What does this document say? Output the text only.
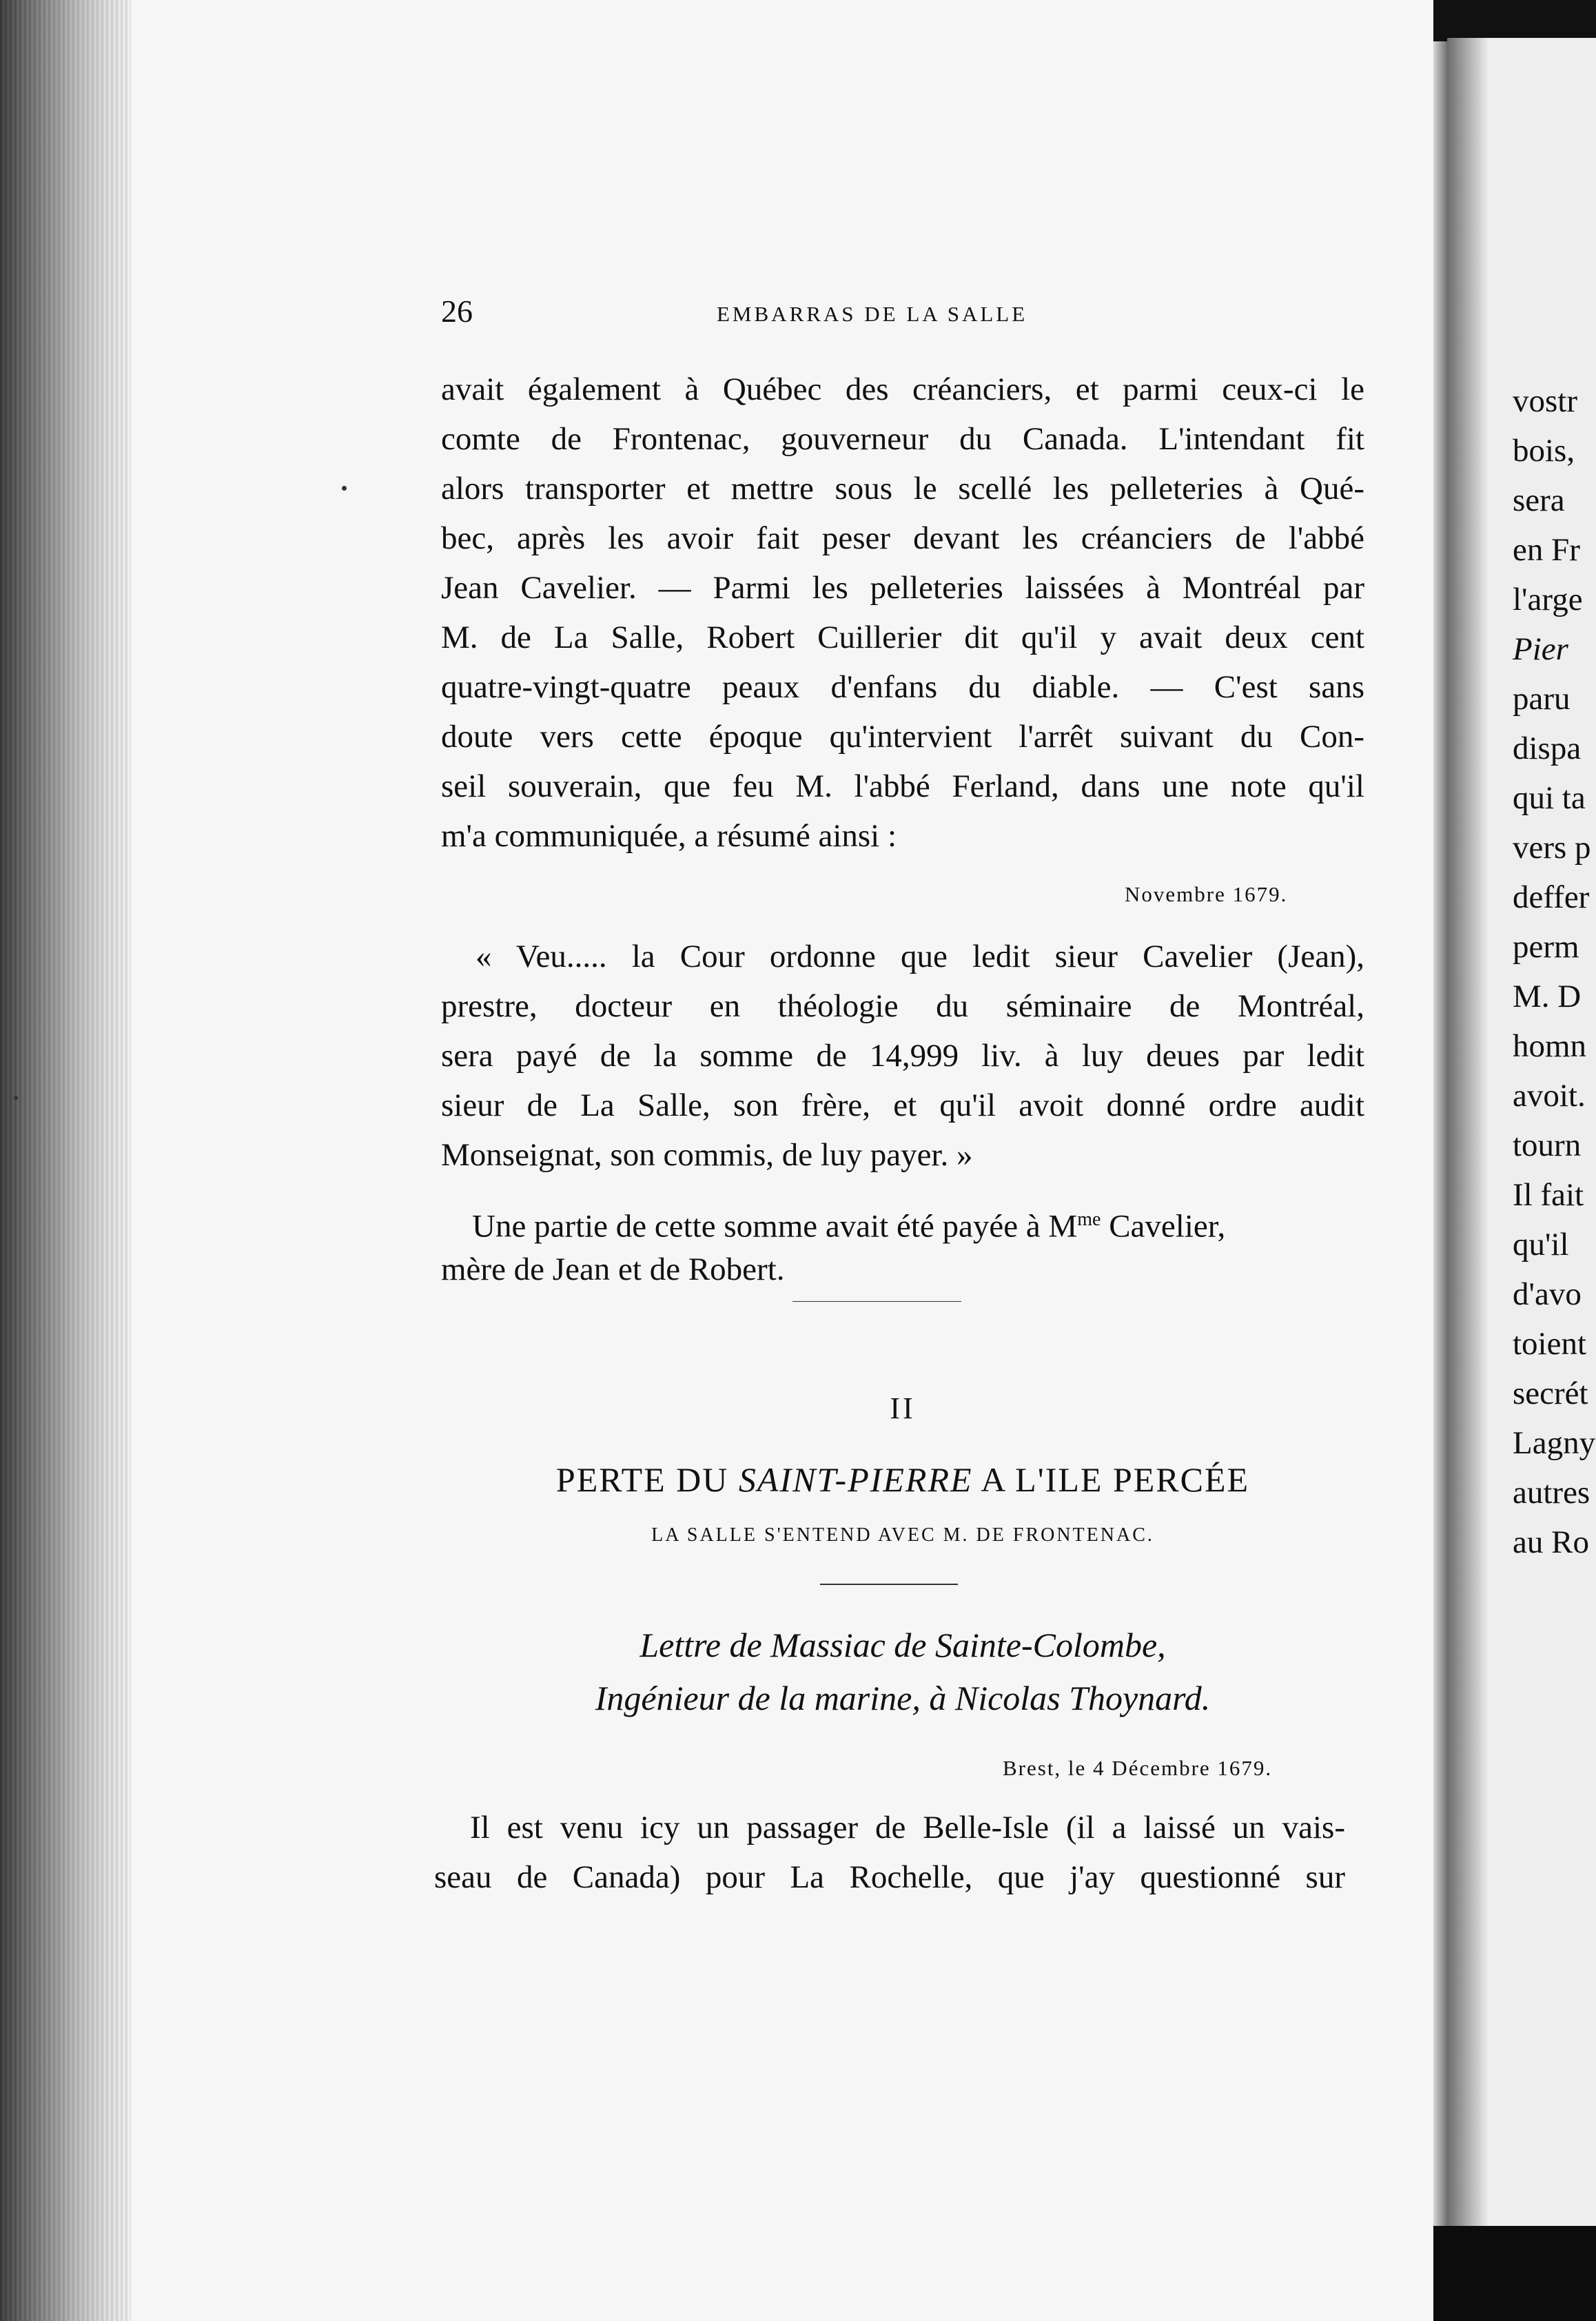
26	EMBARRAS DE LA SALLE
avait également à Québec des créanciers, et parmi ceux-ci le
comte de Frontenac, gouverneur du Canada. L'intendant fit
alors transporter et mettre sous le scellé les pelleteries à Qué-
bec, après les avoir fait peser devant les créanciers de l'abbé
Jean Cavelier. — Parmi les pelleteries laissées à Montréal par
M. de La Salle, Robert Cuillerier dit qu'il y avait deux cent
quatre-vingt-quatre peaux d'enfans du diable. — C'est sans
doute vers cette époque qu'intervient l'arrêt suivant du Con-
seil souverain, que feu M. l'abbé Ferland, dans une note qu'il
m'a communiquée, a résumé ainsi :
Novembre 1679.
« Veu..... la Cour ordonne que ledit sieur Cavelier (Jean),
prestre, docteur en théologie du séminaire de Montréal,
sera payé de la somme de 14,999 liv. à luy deues par ledit
sieur de La Salle, son frère, et qu'il avoit donné ordre audit
Monseignat, son commis, de luy payer. »
Une partie de cette somme avait été payée à $M^{me}$ Cavelier,
mère de Jean et de Robert.
II
PERTE DU SAINT-PIERRE A L'ILE PERCÉE
LA SALLE S'ENTEND AVEC M. DE FRONTENAC.
Lettre de Massiac de Sainte-Colombe,
Ingénieur de la marine, à Nicolas Thoynard.
Brest, le 4 Décembre 1679.
Il est venu icy un passager de Belle-Isle (il a laissé un vais-
seau de Canada) pour La Rochelle, que j'ay questionné sur
vostr
bois,
sera
en Fr
l'arge
Pier
paru
dispa
qui ta
vers p
deffer
perm
M. D
homn
avoit.
tourn
Il fait
qu'il
d'avo
toient
secrét
Lagny
autres
au Ro
